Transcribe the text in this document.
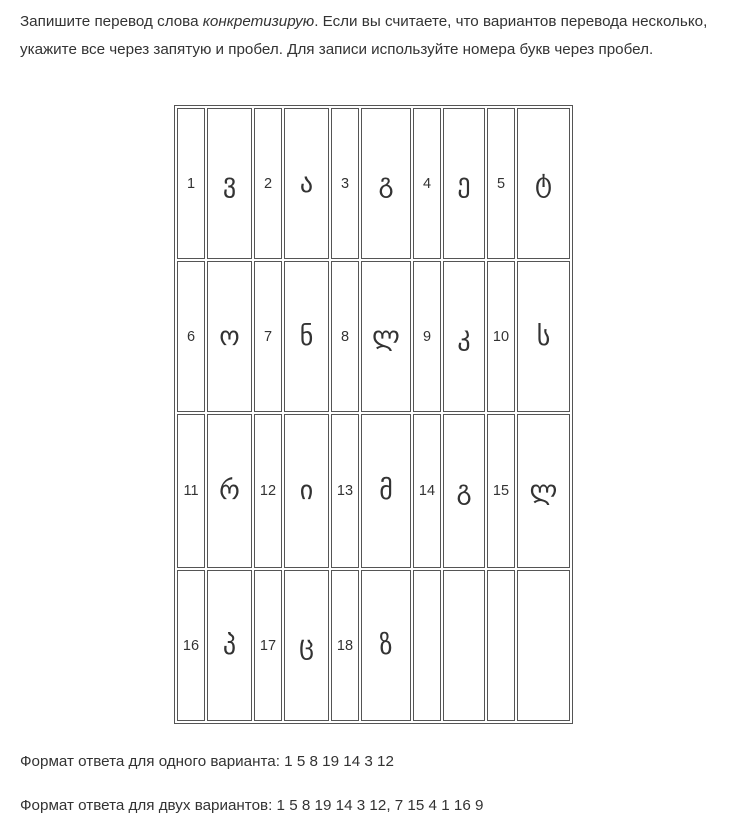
Запишите перевод слова конкретизирую. Если вы считаете, что вариантов перевода несколько, укажите все через запятую и пробел. Для записи используйте номера букв через пробел.

1	ვ	2	ა	3	გ	4	ე	5	ტ
6	ო	7	ნ	8	ლ	9	კ	10	ს
11	რ	12	ი	13	მ	14	გ	15	ლ
16	პ	17	ც	18	ზ				

Формат ответа для одного варианта: 1 5 8 19 14 3 12

Формат ответа для двух вариантов: 1 5 8 19 14 3 12, 7 15 4 1 16 9
